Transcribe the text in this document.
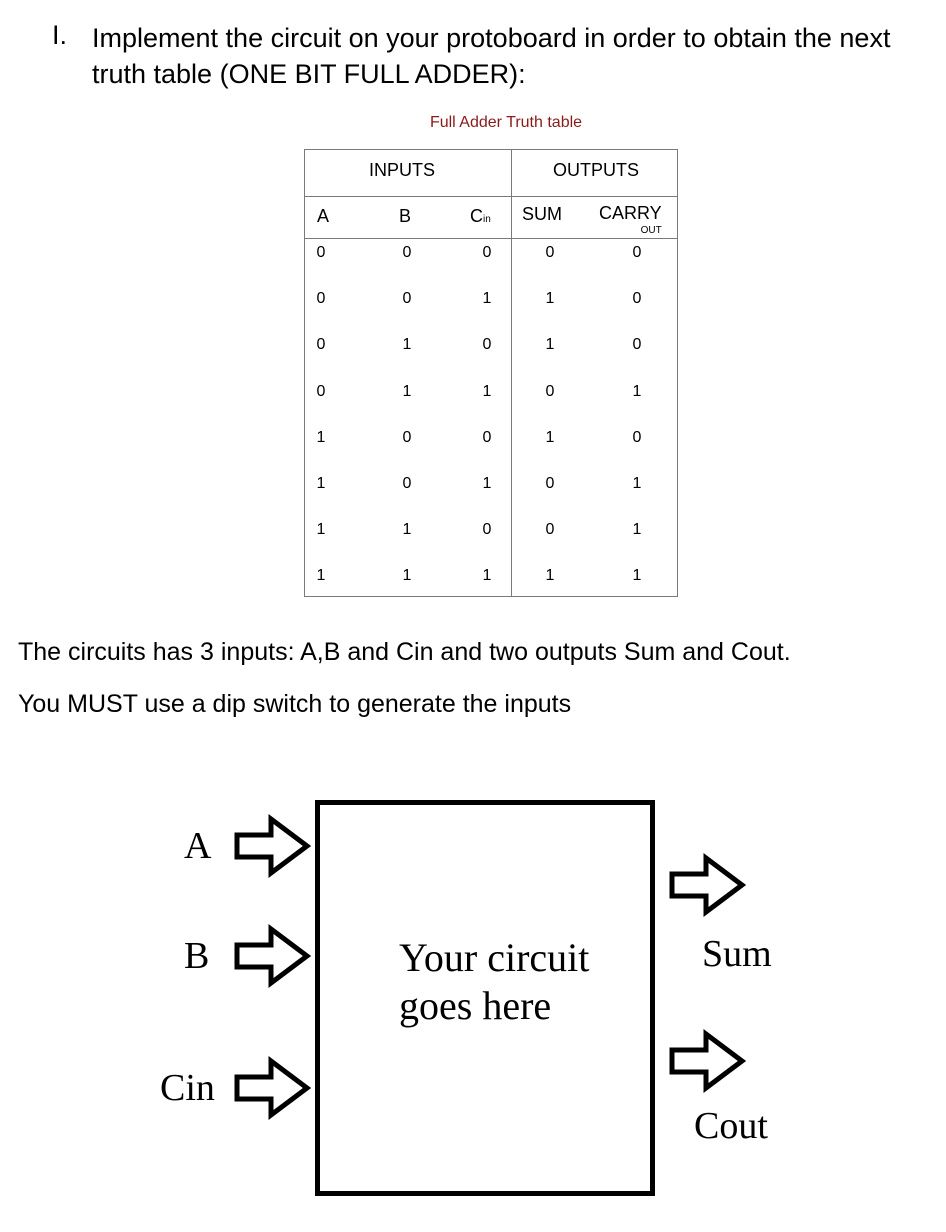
I. Implement the circuit on your protoboard in order to obtain the next truth table (ONE BIT FULL ADDER):
Full Adder Truth table
INPUTS	OUTPUTS
A	B	Cin SUM CARRY
OUT
0	0	0	0	0
0	0	1	1	0
0	1	0	1	0
0	1	1	0	1
1	0	0	1	0
1	0	1	0	1
1	1	0	0	1
1	1	1	1	1
The circuits has 3 inputs: A,B and Cin and two outputs Sum and Cout.
You MUST use a dip switch to generate the inputs
A
B
Cin
Your circuit
goes here
Sum
Cout
